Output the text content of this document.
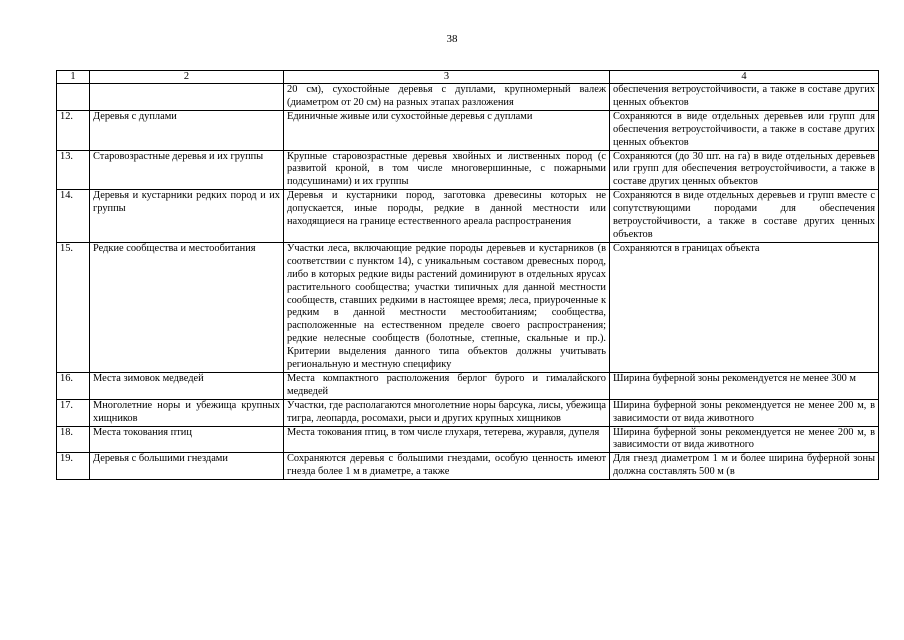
38
1	2	3	4
		20 см), сухостойные деревья с дуплами, крупномерный валеж (диаметром от 20 см) на разных этапах разложения	обеспечения ветроустойчивости, а также в составе других ценных объектов
12.	Деревья с дуплами	Единичные живые или сухостойные деревья с дуплами	Сохраняются в виде отдельных деревьев или групп для обеспечения ветроустойчивости, а также в составе других ценных объектов
13.	Старовозрастные деревья и их группы	Крупные старовозрастные деревья хвойных и лиственных пород (с развитой кроной, в том числе многовершинные, с пожарными подсушинами) и их группы	Сохраняются (до 30 шт. на га) в виде отдельных деревьев или групп для обеспечения ветроустойчивости, а также в составе других ценных объектов
14.	Деревья и кустарники редких пород и их группы	Деревья и кустарники пород, заготовка древесины которых не допускается, иные породы, редкие в данной местности или находящиеся на границе естественного ареала распространения	Сохраняются в виде отдельных деревьев и групп вместе с сопутствующими породами для обеспечения ветроустойчивости, а также в составе других ценных объектов
15.	Редкие сообщества и местообитания	Участки леса, включающие редкие породы деревьев и кустарников (в соответствии с пунктом 14), с уникальным составом древесных пород, либо в которых редкие виды растений доминируют в отдельных ярусах растительного сообщества; участки типичных для данной местности сообществ, ставших редкими в настоящее время; леса, приуроченные к редким в данной местности местообитаниям; сообщества, расположенные на естественном пределе своего распространения; редкие нелесные сообществ (болотные, степные, скальные и пр.). Критерии выделения данного типа объектов должны учитывать региональную и местную специфику	Сохраняются в границах объекта
16.	Места зимовок медведей	Места компактного расположения берлог бурого и гималайского медведей	Ширина буферной зоны рекомендуется не менее 300 м
17.	Многолетние норы и убежища крупных хищников	Участки, где располагаются многолетние норы барсука, лисы, убежища тигра, леопарда, росомахи, рыси и других крупных хищников	Ширина буферной зоны рекомендуется не менее 200 м, в зависимости от вида животного
18.	Места токования птиц	Места токования птиц, в том числе глухаря, тетерева, журавля, дупеля	Ширина буферной зоны рекомендуется не менее 200 м, в зависимости от вида животного
19.	Деревья с большими гнездами	Сохраняются деревья с большими гнездами, особую ценность имеют гнезда более 1 м в диаметре, а также	Для гнезд диаметром 1 м и более ширина буферной зоны должна составлять 500 м (в
